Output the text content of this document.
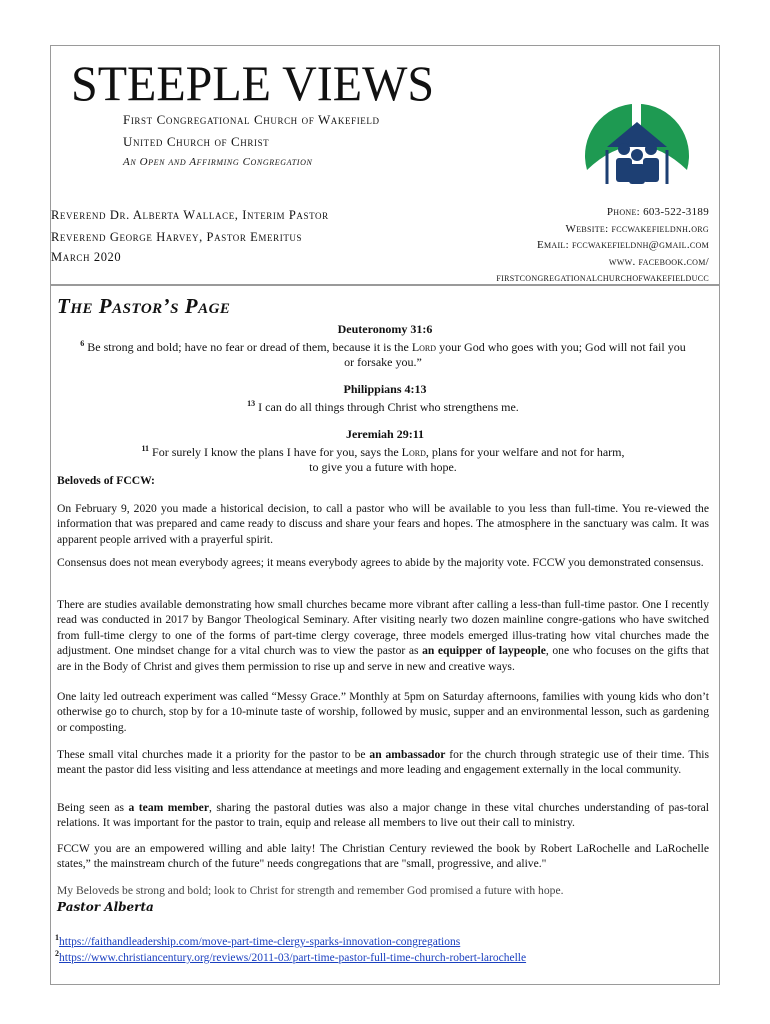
STEEPLE VIEWS
First Congregational Church of Wakefield
United Church of Christ
An Open and Affirming Congregation
Reverend Dr. Alberta Wallace, Interim Pastor
Reverend George Harvey, Pastor Emeritus
March 2020
Phone: 603-522-3189
Website: fccwakefieldnh.org
Email: fccwakefieldnh@gmail.com
www. facebook.com/
firstcongregationalchurchofwakefielducc
The Pastor’s Page
Deuteronomy 31:6
$^6$ Be strong and bold; have no fear or dread of them, because it is the Lord your God who goes with you; God will not fail you
or forsake you.”
Philippians 4:13
$^{13}$ I can do all things through Christ who strengthens me.
Jeremiah 29:11
$^{11}$ For surely I know the plans I have for you, says the Lord, plans for your welfare and not for harm,
to give you a future with hope.
Beloveds of FCCW:
On February 9, 2020 you made a historical decision, to call a pastor who will be available to you less than full-time. You re-viewed the information that was prepared and came ready to discuss and share your fears and hopes. The atmosphere in the sanctuary was calm. It was apparent people arrived with a prayerful spirit.
Consensus does not mean everybody agrees; it means everybody agrees to abide by the majority vote. FCCW you demonstrated consensus.
There are studies available demonstrating how small churches became more vibrant after calling a less-than full-time pastor. One I recently read was conducted in 2017 by Bangor Theological Seminary. After visiting nearly two dozen mainline congre-gations who have switched from full-time clergy to one of the forms of part-time clergy coverage, three models emerged illus-trating how vital churches made the adjustment. One mindset change for a vital church was to view the pastor as an equipper of laypeople, one who focuses on the gifts that are in the Body of Christ and gives them permission to rise up and serve in new and creative ways.
One laity led outreach experiment was called “Messy Grace.” Monthly at 5pm on Saturday afternoons, families with young kids who don’t otherwise go to church, stop by for a 10-minute taste of worship, followed by music, supper and an environmental lesson, such as gardening or composting.
These small vital churches made it a priority for the pastor to be an ambassador for the church through strategic use of their time. This meant the pastor did less visiting and less attendance at meetings and more leading and engagement externally in the local community.
Being seen as a team member, sharing the pastoral duties was also a major change in these vital churches understanding of pas-toral relations. It was important for the pastor to train, equip and release all members to live out their call to ministry.
FCCW you are an empowered willing and able laity! The Christian Century reviewed the book by Robert LaRochelle and LaRochelle states,” the mainstream church of the future" needs congregations that are "small, progressive, and alive."
My Beloveds be strong and bold; look to Christ for strength and remember God promised a future with hope.
Pastor Alberta
$^1$https://faithandleadership.com/move-part-time-clergy-sparks-innovation-congregations
$^2$https://www.christiancentury.org/reviews/2011-03/part-time-pastor-full-time-church-robert-larochelle
